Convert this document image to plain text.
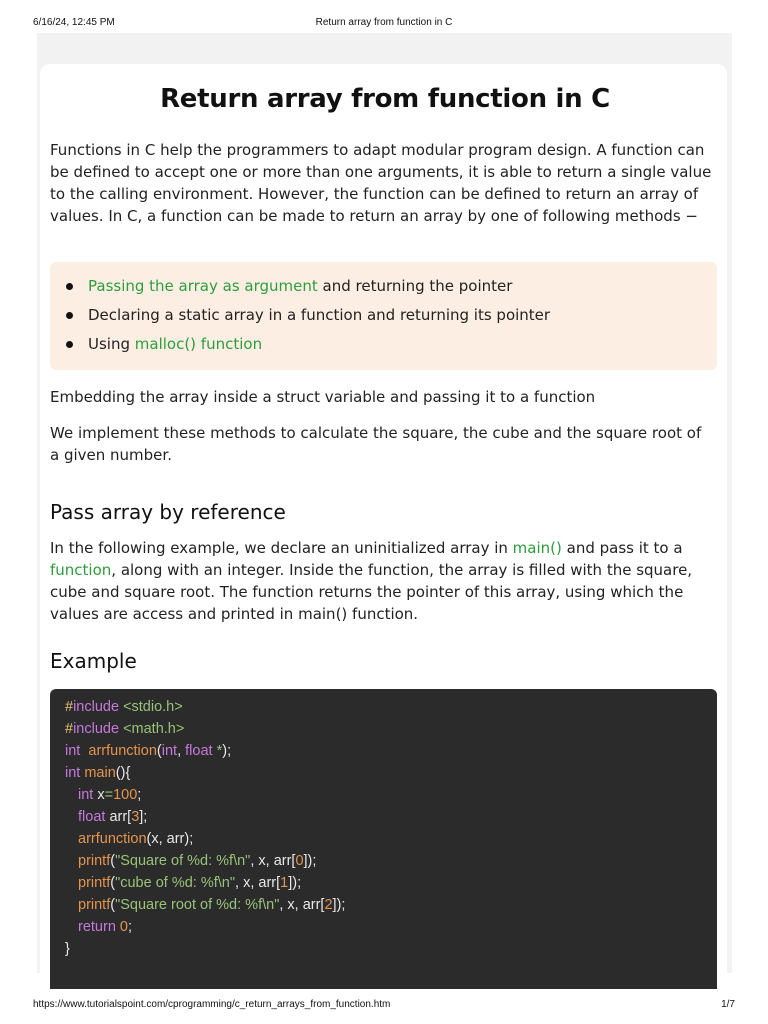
6/16/24, 12:45 PM	Return array from function in C
Return array from function in C

Functions in C help the programmers to adapt modular program design. A function can be defined to accept one or more than one arguments, it is able to return a single value to the calling environment. However, the function can be defined to return an array of values. In C, a function can be made to return an array by one of following methods −

Passing the array as argument and returning the pointer
Declaring a static array in a function and returning its pointer
Using malloc() function

Embedding the array inside a struct variable and passing it to a function

We implement these methods to calculate the square, the cube and the square root of a given number.

Pass array by reference

In the following example, we declare an uninitialized array in main() and pass it to a function, along with an integer. Inside the function, the array is filled with the square, cube and square root. The function returns the pointer of this array, using which the values are access and printed in main() function.

Example
#include <stdio.h>
#include <math.h>
int  arrfunction(int, float *);
int main(){
int x=100;
float arr[3];
arrfunction(x, arr);
printf("Square of %d: %f\n", x, arr[0]);
printf("cube of %d: %f\n", x, arr[1]);
printf("Square root of %d: %f\n", x, arr[2]);
return 0;
}
https://www.tutorialspoint.com/cprogramming/c_return_arrays_from_function.htm	1/7
